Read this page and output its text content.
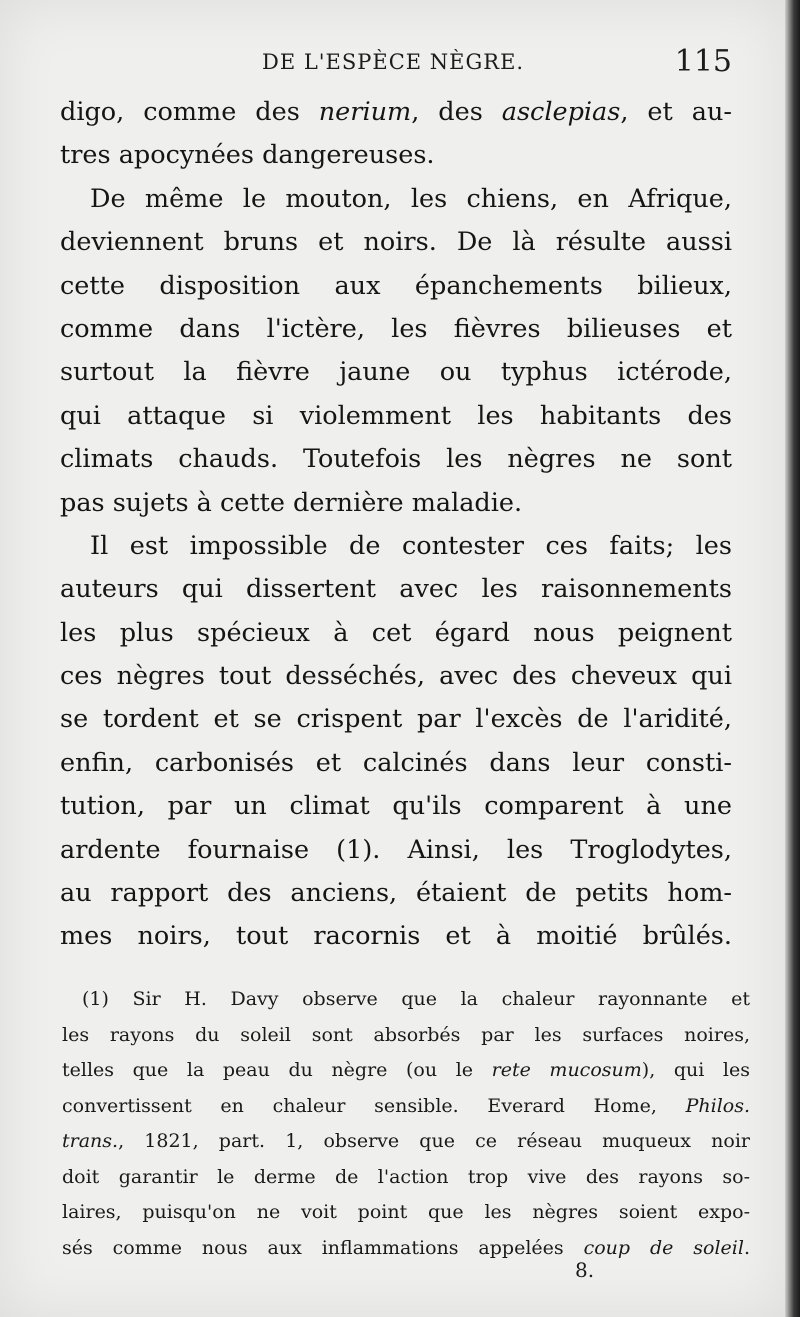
DE L'ESPÈCE NÈGRE.	115
digo, comme des nerium, des asclepias, et au-
tres apocynées dangereuses.
De même le mouton, les chiens, en Afrique,
deviennent bruns et noirs. De là résulte aussi
cette disposition aux épanchements bilieux,
comme dans l'ictère, les fièvres bilieuses et
surtout la fièvre jaune ou typhus ictérode,
qui attaque si violemment les habitants des
climats chauds. Toutefois les nègres ne sont
pas sujets à cette dernière maladie.
Il est impossible de contester ces faits; les
auteurs qui dissertent avec les raisonnements
les plus spécieux à cet égard nous peignent
ces nègres tout desséchés, avec des cheveux qui
se tordent et se crispent par l'excès de l'aridité,
enfin, carbonisés et calcinés dans leur consti-
tution, par un climat qu'ils comparent à une
ardente fournaise (1). Ainsi, les Troglodytes,
au rapport des anciens, étaient de petits hom-
mes noirs, tout racornis et à moitié brûlés.
(1) Sir H. Davy observe que la chaleur rayonnante et
les rayons du soleil sont absorbés par les surfaces noires,
telles que la peau du nègre (ou le rete mucosum), qui les
convertissent en chaleur sensible. Everard Home, Philos.
trans., 1821, part. 1, observe que ce réseau muqueux noir
doit garantir le derme de l'action trop vive des rayons so-
laires, puisqu'on ne voit point que les nègres soient expo-
sés comme nous aux inflammations appelées coup de soleil.
8.
